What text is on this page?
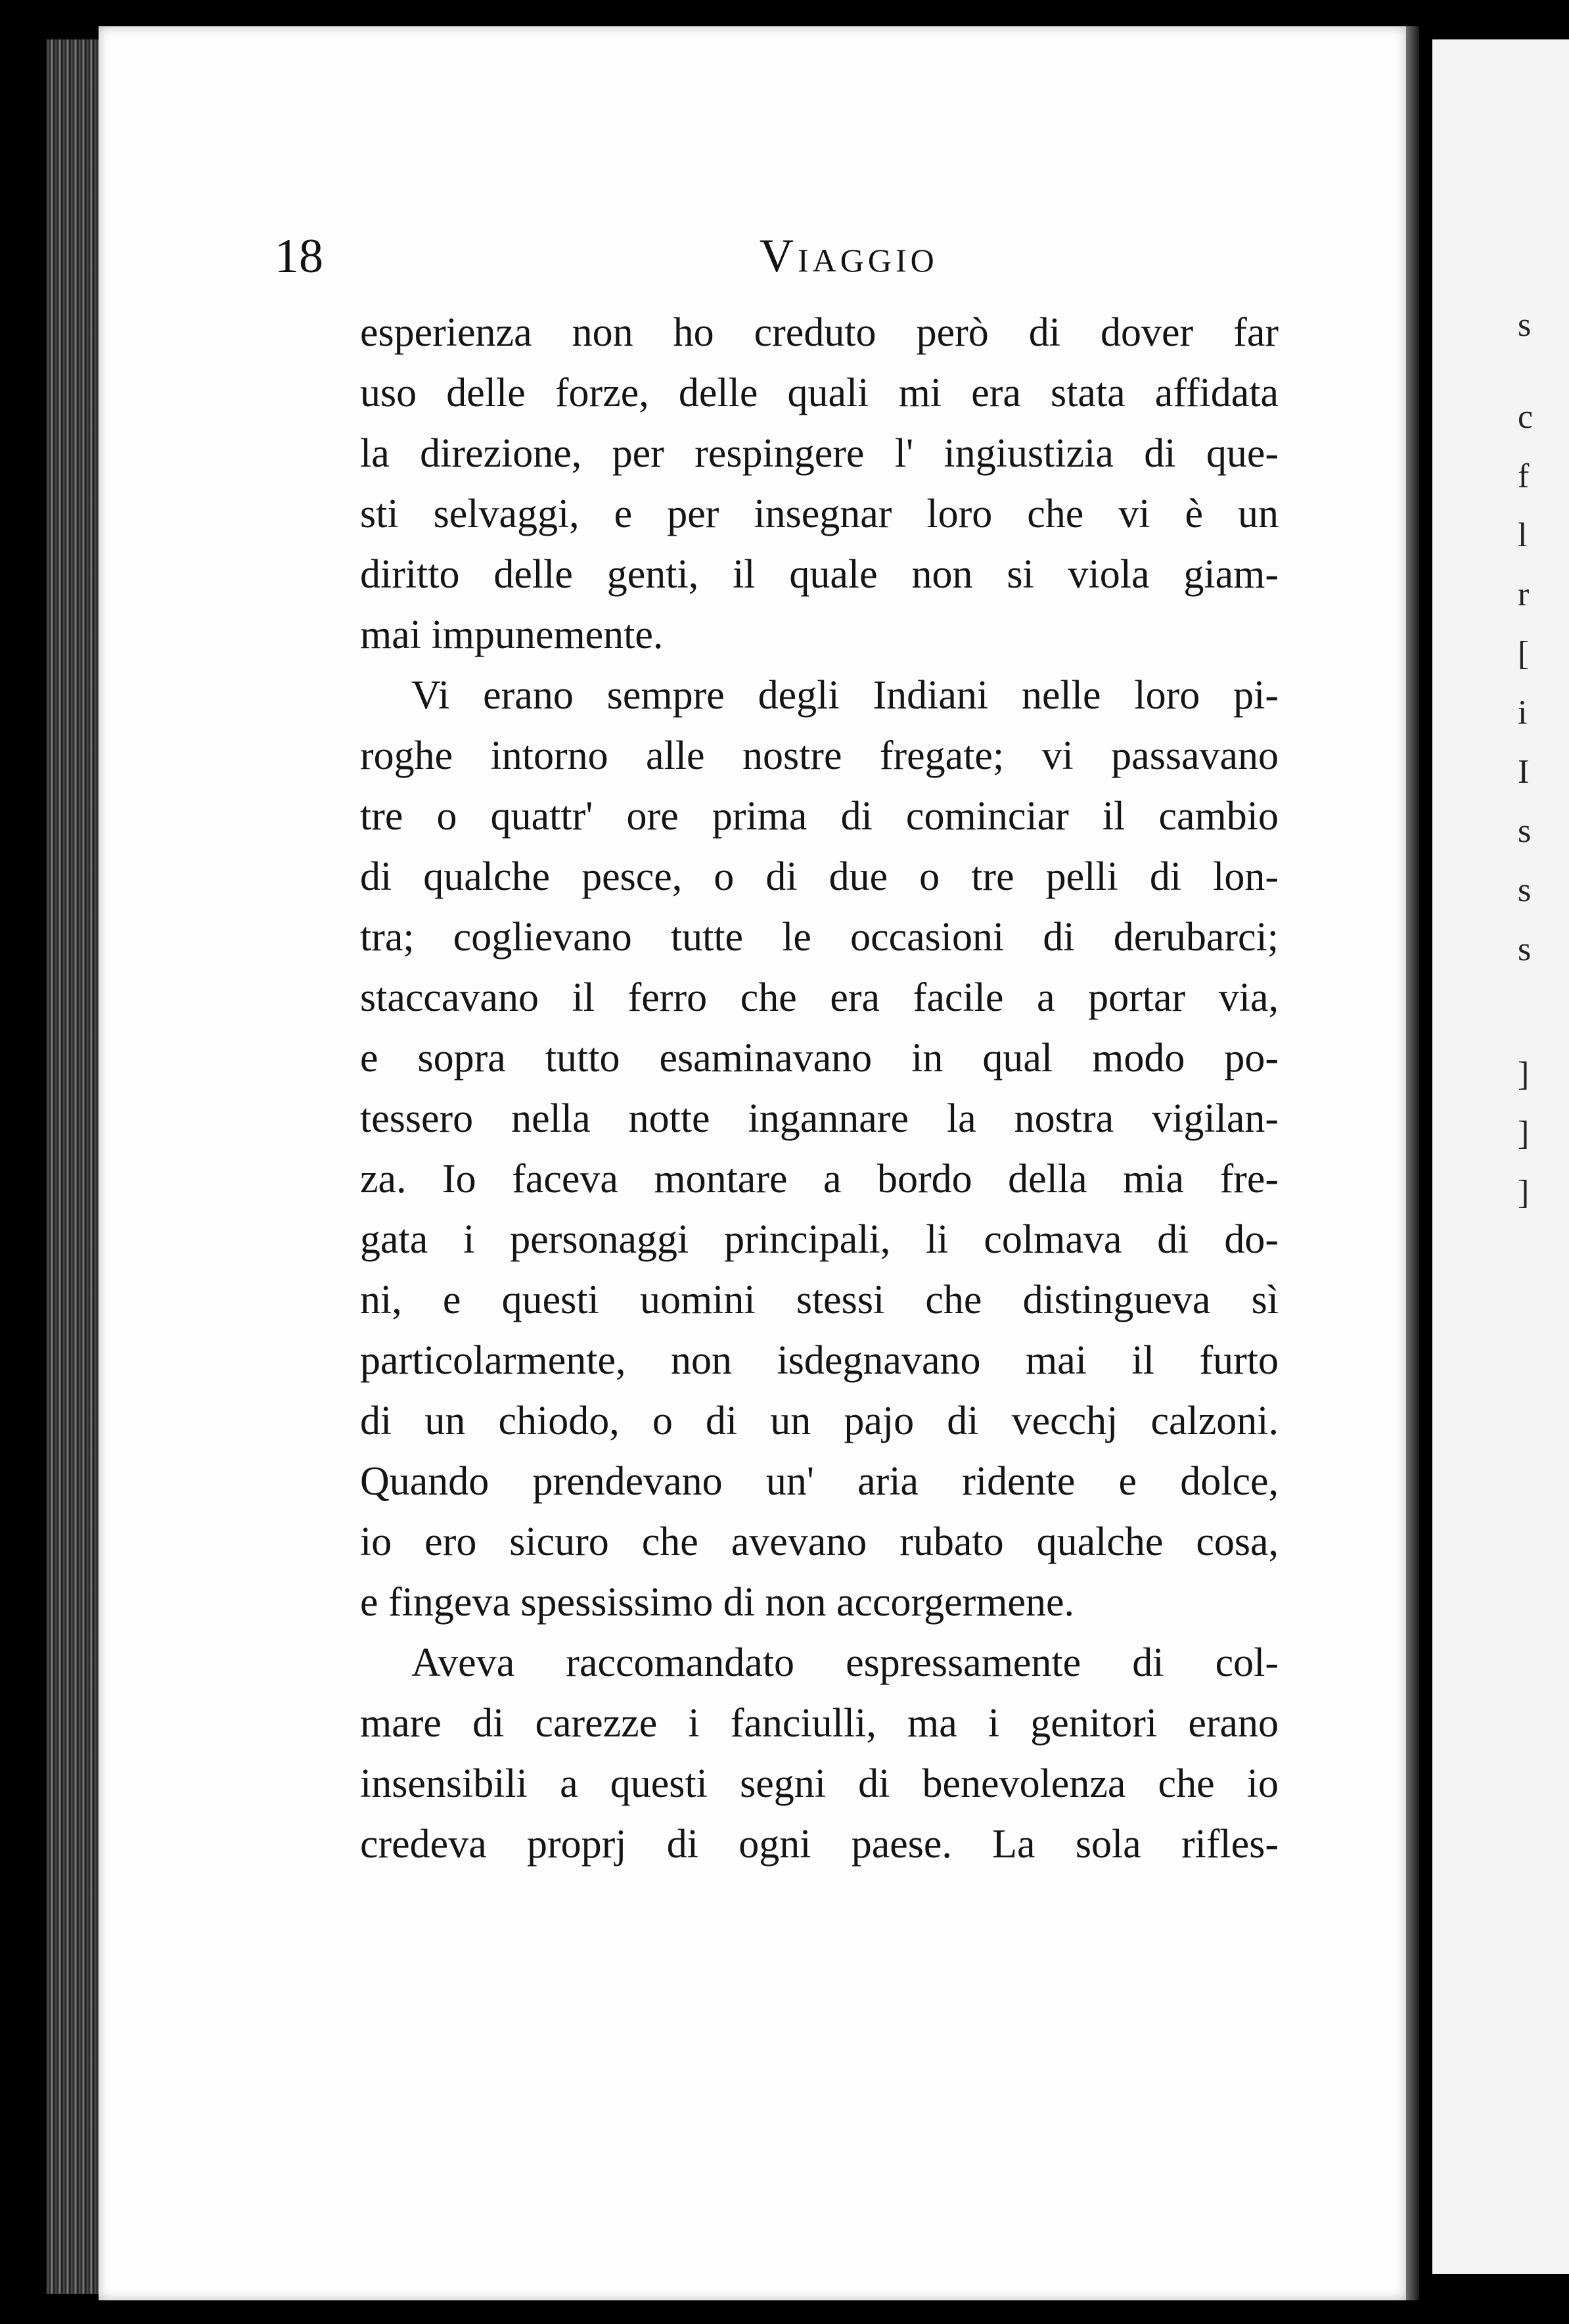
s
c
f
l
r
[
i
I
s
s
s
]
]
]
18	Viaggio
esperienza non ho creduto però di dover far
uso delle forze, delle quali mi era stata affidata
la direzione, per respingere l' ingiustizia di que-
sti selvaggi, e per insegnar loro che vi è un
diritto delle genti, il quale non si viola giam-
mai impunemente.
Vi erano sempre degli Indiani nelle loro pi-
roghe intorno alle nostre fregate; vi passavano
tre o quattr' ore prima di cominciar il cambio
di qualche pesce, o di due o tre pelli di lon-
tra; coglievano tutte le occasioni di derubarci;
staccavano il ferro che era facile a portar via,
e sopra tutto esaminavano in qual modo po-
tessero nella notte ingannare la nostra vigilan-
za. Io faceva montare a bordo della mia fre-
gata i personaggi principali, li colmava di do-
ni, e questi uomini stessi che distingueva sì
particolarmente, non isdegnavano mai il furto
di un chiodo, o di un pajo di vecchj calzoni.
Quando prendevano un' aria ridente e dolce,
io ero sicuro che avevano rubato qualche cosa,
e fingeva spessissimo di non accorgermene.
Aveva raccomandato espressamente di col-
mare di carezze i fanciulli, ma i genitori erano
insensibili a questi segni di benevolenza che io
credeva proprj di ogni paese. La sola rifles-
